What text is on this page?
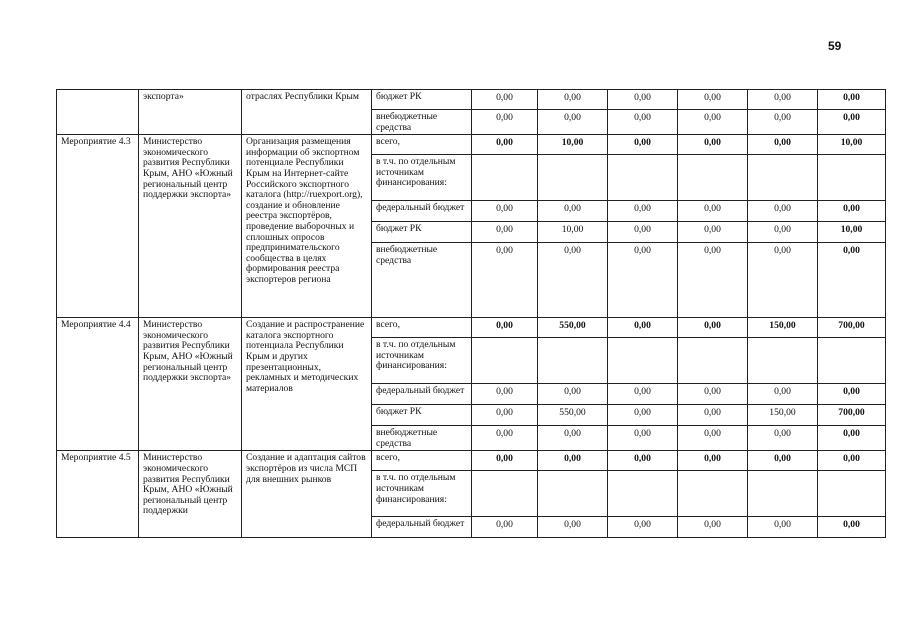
59
	экспорта»	отраслях Республики Крым	бюджет РК	0,00	0,00	0,00	0,00	0,00	0,00
			внебюджетные средства	0,00	0,00	0,00	0,00	0,00	0,00
Мероприятие 4.3	Министерство экономического развития Республики Крым, АНО «Южный региональный центр поддержки экспорта»	Организация размещения информации об экспортном потенциале Республики Крым на Интернет-сайте Российского экспортного каталога (http://ruexport.org), создание и обновление реестра экспортёров, проведение выборочных и сплошных опросов предпринимательского сообщества в целях формирования реестра экспортеров региона	всего,	0,00	10,00	0,00	0,00	0,00	10,00
			в т.ч. по отдельным источникам финансирования:						
			федеральный бюджет	0,00	0,00	0,00	0,00	0,00	0,00
			бюджет РК	0,00	10,00	0,00	0,00	0,00	10,00
			внебюджетные средства	0,00	0,00	0,00	0,00	0,00	0,00
Мероприятие 4.4	Министерство экономического развития Республики Крым, АНО «Южный региональный центр поддержки экспорта»	Создание и распространение каталога экспортного потенциала Республики Крым и других презентационных, рекламных и методических материалов	всего,	0,00	550,00	0,00	0,00	150,00	700,00
			в т.ч. по отдельным источникам финансирования:						
			федеральный бюджет	0,00	0,00	0,00	0,00	0,00	0,00
			бюджет РК	0,00	550,00	0,00	0,00	150,00	700,00
			внебюджетные средства	0,00	0,00	0,00	0,00	0,00	0,00
Мероприятие 4.5	Министерство экономического развития Республики Крым, АНО «Южный региональный центр поддержки	Создание и адаптация сайтов экспортёров из числа МСП для внешних рынков	всего,	0,00	0,00	0,00	0,00	0,00	0,00
			в т.ч. по отдельным источникам финансирования:						
			федеральный бюджет	0,00	0,00	0,00	0,00	0,00	0,00
